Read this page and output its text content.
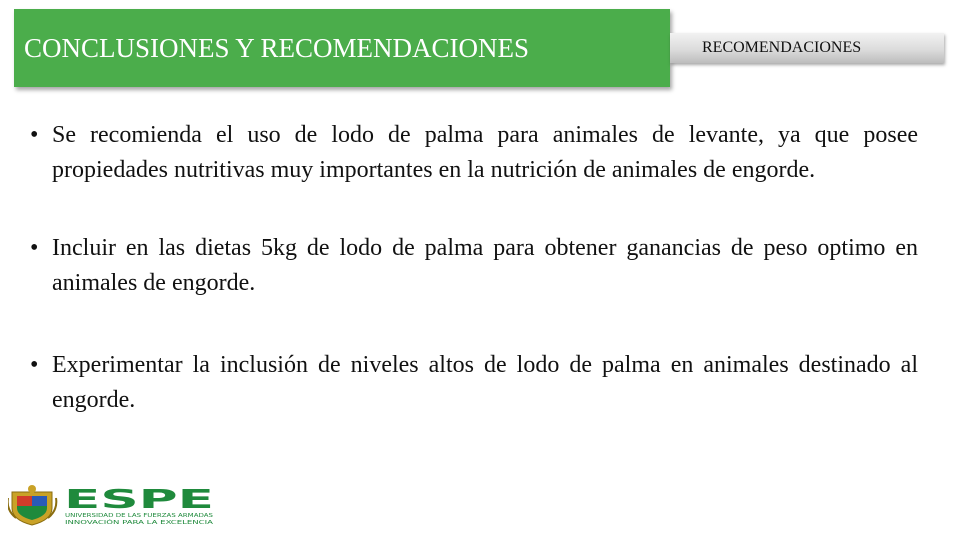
CONCLUSIONES Y RECOMENDACIONES	RECOMENDACIONES
• Se recomienda el uso de lodo de palma para animales de levante, ya que posee propiedades nutritivas muy importantes en la nutrición de animales de engorde.
• Incluir en las dietas 5kg de lodo de palma para obtener ganancias de peso optimo en animales de engorde.
• Experimentar la inclusión de niveles altos de lodo de palma en animales destinado al engorde.
ESPE
UNIVERSIDAD DE LAS FUERZAS ARMADAS
INNOVACIÓN PARA LA EXCELENCIA
